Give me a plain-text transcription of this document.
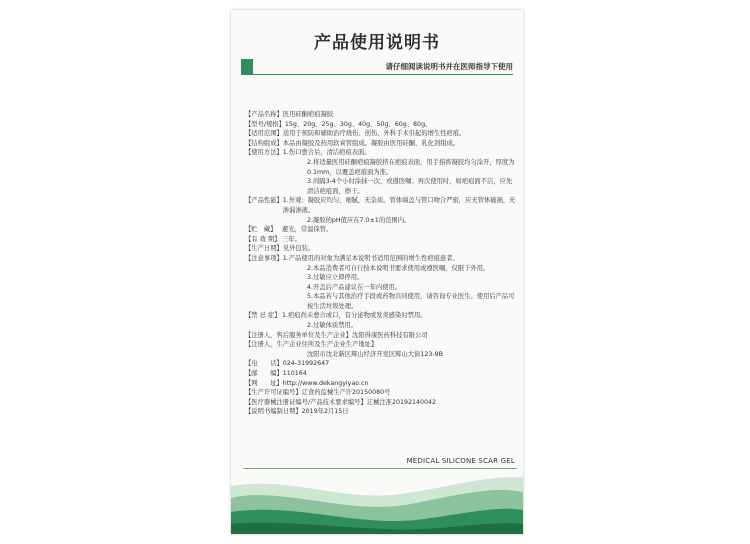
产品使用说明书
请仔细阅读说明书并在医师指导下使用
【产品名称】 医用硅酮疤痕凝胶
【型号/规格】 15g、20g、25g、30g、40g、50g、60g、80g。
【适用范围】 适用于预防和辅助治疗烧伤、创伤、外科手术引起的增生性疤痕。
【结构组成】 本品由凝胶及药用软膏管组成。凝胶由医用硅酮、乳化剂组成。
【使用方法】 1.伤口愈合后，清洁疤痕表面。
2.将适量医用硅酮疤痕凝胶挤在疤痕表面，用手指将凝胶均匀涂开，厚度为0.1mm，以覆盖疤痕面为准。
3.间隔3-4个小时涂抹一次，或遵医嘱；再次使用时，如疤痕面不洁，应先清洁疤痕面，擦干。
【产品性能】 1.外观：凝胶应均匀、细腻，无杂质。管体端盖与管口吻合严密，应无管体破损，无渗漏渗液。
2.凝胶的pH值应在7.0±1的范围内。
【贮　藏】 避光，常温保管。
【有 效 期】 三年。
【生产日期】 见外包装。
【注意事项】 1.产品使用的对象为满足本说明书适用范围的增生性疤痕患者。
2.本品消费者可自行按本说明书要求使用或遵医嘱，仅限于外用。
3.过敏应立即停用。
4.开盖后产品建议在一年内使用。
5.本品若与其他治疗手段或药物共同使用，请咨询专业医生。使用后产品可按生活垃圾处理。
【禁 忌 症】 1.疤痕尚未愈合或口，有分泌物或发炎感染时禁用。
2.过敏体质禁用。
【注册人、售后服务单位及生产企业】 沈阳得康医药科技有限公司
【注册人、生产企业住所及生产企业生产地址】
沈阳市沈北新区辉山经济开发区辉山大街123-9B
【电　　话】 024-31992647
【邮　　编】 110164
【网　　址】 http://www.dekangyiyao.cn
【生产许可证编号】 辽食药监械生产许20150080号
【医疗器械注册证编号/产品技术要求编号】 辽械注准20192140042
【说明书编制日期】 2019年2月15日
MEDICAL SILICONE SCAR GEL
